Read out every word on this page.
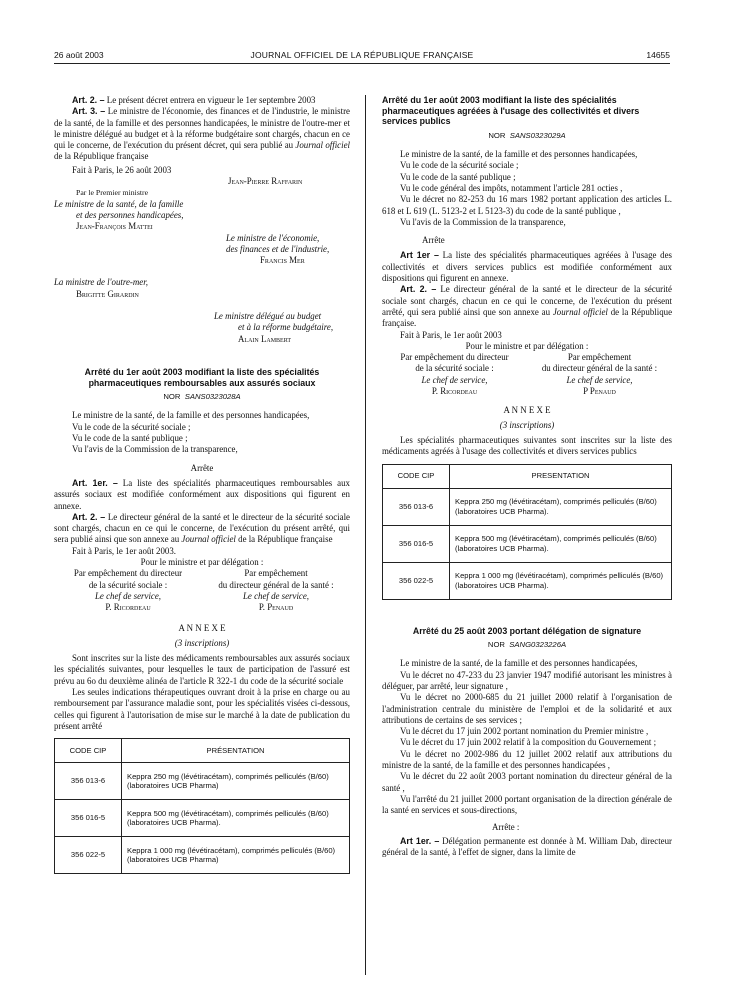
26 août 2003	JOURNAL OFFICIEL DE LA RÉPUBLIQUE FRANÇAISE	14655

Art. 2. – Le présent décret entrera en vigueur le 1er septembre 2003

Art. 3. – Le ministre de l'économie, des finances et de l'industrie, le ministre de la santé, de la famille et des personnes handicapées, le ministre de l'outre-mer et le ministre délégué au budget et à la réforme budgétaire sont chargés, chacun en ce qui le concerne, de l'exécution du présent décret, qui sera publié au Journal officiel de la République française

Fait à Paris, le 26 août 2003

Jean-Pierre Raffarin

Par le Premier ministre

Le ministre de la santé, de la famille

et des personnes handicapées,

Jean-François Mattei

Le ministre de l'économie,

des finances et de l'industrie,

Francis Mer

La ministre de l'outre-mer,

Brigitte Girardin

Le ministre délégué au budget

et à la réforme budgétaire,

Alain Lambert

Arrêté du 1er août 2003 modifiant la liste des spécialités pharmaceutiques remboursables aux assurés sociaux

NOR SANS0323028A

Le ministre de la santé, de la famille et des personnes handicapées,

Vu le code de la sécurité sociale ;

Vu le code de la santé publique ;

Vu l'avis de la Commission de la transparence,

Arrête

Art. 1er. – La liste des spécialités pharmaceutiques remboursables aux assurés sociaux est modifiée conformément aux dispositions qui figurent en annexe.

Art. 2. – Le directeur général de la santé et le directeur de la sécurité sociale sont chargés, chacun en ce qui le concerne, de l'exécution du présent arrêté, qui sera publié ainsi que son annexe au Journal officiel de la République française

Fait à Paris, le 1er août 2003.

Pour le ministre et par délégation :

Par empêchement du directeur

de la sécurité sociale :

Le chef de service,

P. Ricordeau

Par empêchement

du directeur général de la santé :

Le chef de service,

P. Penaud

A N N E X E

(3 inscriptions)

Sont inscrites sur la liste des médicaments remboursables aux assurés sociaux les spécialités suivantes, pour lesquelles le taux de participation de l'assuré est prévu au 6o du deuxième alinéa de l'article R 322-1 du code de la sécurité sociale

Les seules indications thérapeutiques ouvrant droit à la prise en charge ou au remboursement par l'assurance maladie sont, pour les spécialités visées ci-dessous, celles qui figurent à l'autorisation de mise sur le marché à la date de publication du présent arrêté

CODE CIP	PRÉSENTATION
356 013-6	Keppra 250 mg (lévétiracétam), comprimés pelliculés (B/60) (laboratoires UCB Pharma)
356 016-5	Keppra 500 mg (lévétiracétam), comprimés pelliculés (B/60) (laboratoires UCB Pharma).
356 022-5	Keppra 1 000 mg (lévétiracétam), comprimés pelliculés (B/60) (laboratoires UCB Pharma)

Arrêté du 1er août 2003 modifiant la liste des spécialités pharmaceutiques agréées à l'usage des collectivités et divers services publics

NOR SANS0323029A

Le ministre de la santé, de la famille et des personnes handicapées,

Vu le code de la sécurité sociale ;

Vu le code de la santé publique ;

Vu le code général des impôts, notamment l'article 281 octies ,

Vu le décret no 82-253 du 16 mars 1982 portant application des articles L. 618 et L 619 (L. 5123-2 et L 5123-3) du code de la santé publique ,

Vu l'avis de la Commission de la transparence,

Arrête

Art 1er – La liste des spécialités pharmaceutiques agréées à l'usage des collectivités et divers services publics est modifiée conformément aux dispositions qui figurent en annexe.

Art. 2. – Le directeur général de la santé et le directeur de la sécurité sociale sont chargés, chacun en ce qui le concerne, de l'exécution du présent arrêté, qui sera publié ainsi que son annexe au Journal officiel de la République française.

Fait à Paris, le 1er août 2003

Pour le ministre et par délégation :

Par empêchement du directeur

de la sécurité sociale :

Le chef de service,

P. Ricordeau

Par empêchement

du directeur général de la santé :

Le chef de service,

P Penaud

A N N E X E

(3 inscriptions)

Les spécialités pharmaceutiques suivantes sont inscrites sur la liste des médicaments agréés à l'usage des collectivités et divers services publics

CODE CIP	PRESENTATION
356 013-6	Keppra 250 mg (lévétiracétam), comprimés pelliculés (B/60) (laboratoires UCB Pharma).
356 016-5	Keppra 500 mg (lévétiracétam), comprimés pelliculés (B/60) (laboratoires UCB Pharma).
356 022-5	Keppra 1 000 mg (lévétiracétam), comprimés pelliculés (B/60) (laboratoires UCB Pharma).

Arrêté du 25 août 2003 portant délégation de signature

NOR SANG0323226A

Le ministre de la santé, de la famille et des personnes handicapées,

Vu le décret no 47-233 du 23 janvier 1947 modifié autorisant les ministres à déléguer, par arrêté, leur signature ,

Vu le décret no 2000-685 du 21 juillet 2000 relatif à l'organisation de l'administration centrale du ministère de l'emploi et de la solidarité et aux attributions de certains de ses services ;

Vu le décret du 17 juin 2002 portant nomination du Premier ministre ,

Vu le décret du 17 juin 2002 relatif à la composition du Gouvernement ;

Vu le décret no 2002-986 du 12 juillet 2002 relatif aux attributions du ministre de la santé, de la famille et des personnes handicapées ,

Vu le décret du 22 août 2003 portant nomination du directeur général de la santé ,

Vu l'arrêté du 21 juillet 2000 portant organisation de la direction générale de la santé en services et sous-directions,

Arrête :

Art 1er. – Délégation permanente est donnée à M. William Dab, directeur général de la santé, à l'effet de signer, dans la limite de
